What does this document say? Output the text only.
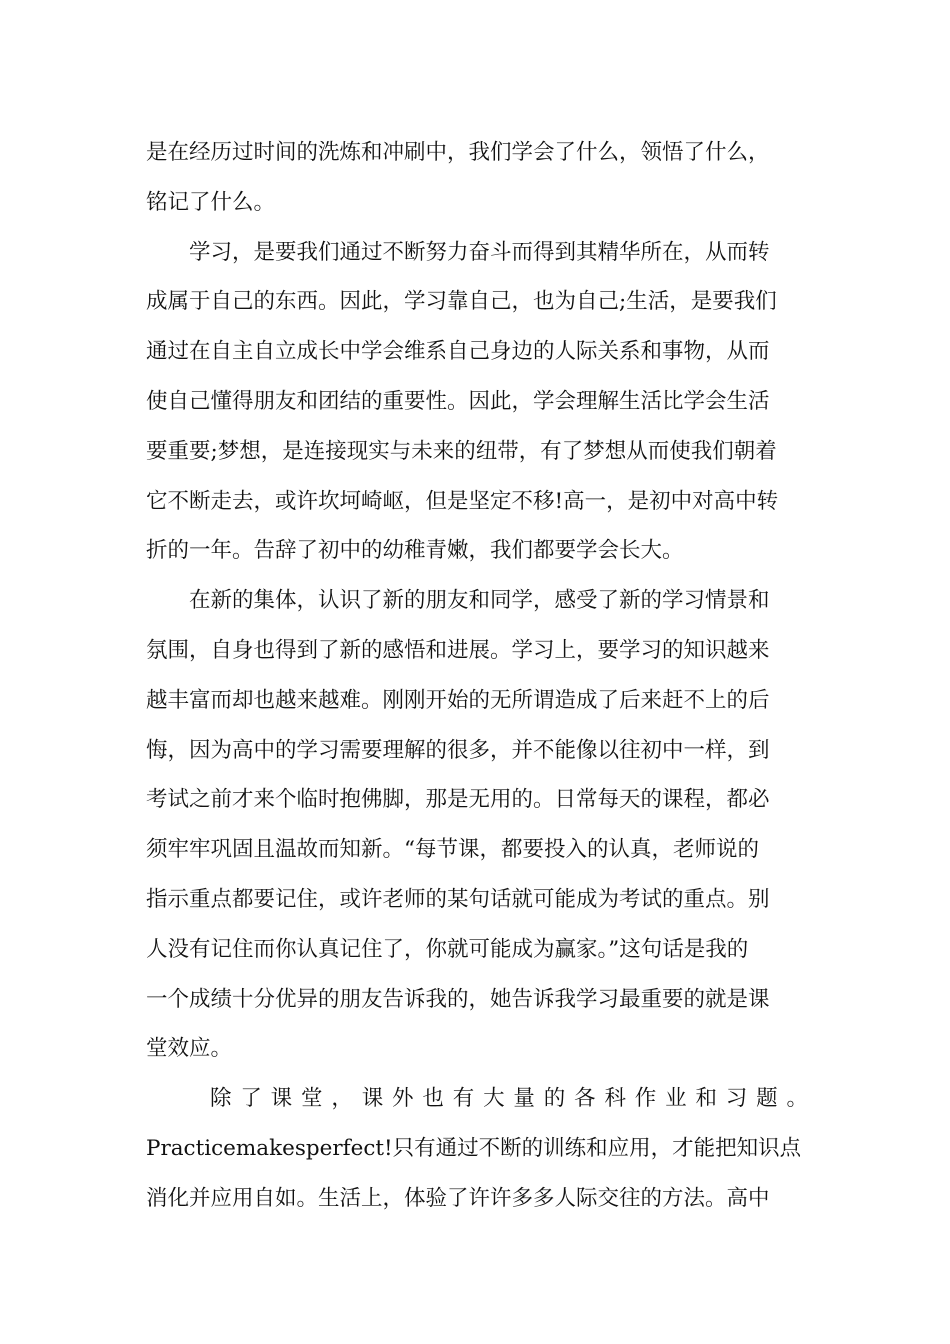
是在经历过时间的洗炼和冲刷中，我们学会了什么，领悟了什么，
铭记了什么。
学习，是要我们通过不断努力奋斗而得到其精华所在，从而转
成属于自己的东西。因此，学习靠自己，也为自己;生活，是要我们
通过在自主自立成长中学会维系自己身边的人际关系和事物，从而
使自己懂得朋友和团结的重要性。因此，学会理解生活比学会生活
要重要;梦想，是连接现实与未来的纽带，有了梦想从而使我们朝着
它不断走去，或许坎坷崎岖，但是坚定不移!高一，是初中对高中转
折的一年。告辞了初中的幼稚青嫩，我们都要学会长大。
在新的集体，认识了新的朋友和同学，感受了新的学习情景和
氛围，自身也得到了新的感悟和进展。学习上，要学习的知识越来
越丰富而却也越来越难。刚刚开始的无所谓造成了后来赶不上的后
悔，因为高中的学习需要理解的很多，并不能像以往初中一样，到
考试之前才来个临时抱佛脚，那是无用的。日常每天的课程，都必
须牢牢巩固且温故而知新。“每节课，都要投入的认真，老师说的
指示重点都要记住，或许老师的某句话就可能成为考试的重点。别
人没有记住而你认真记住了，你就可能成为赢家。”这句话是我的
一个成绩十分优异的朋友告诉我的，她告诉我学习最重要的就是课
堂效应。
除了课堂，课外也有大量的各科作业和习题。
Practicemakesperfect!只有通过不断的训练和应用，才能把知识点
消化并应用自如。生活上，体验了许许多多人际交往的方法。高中
